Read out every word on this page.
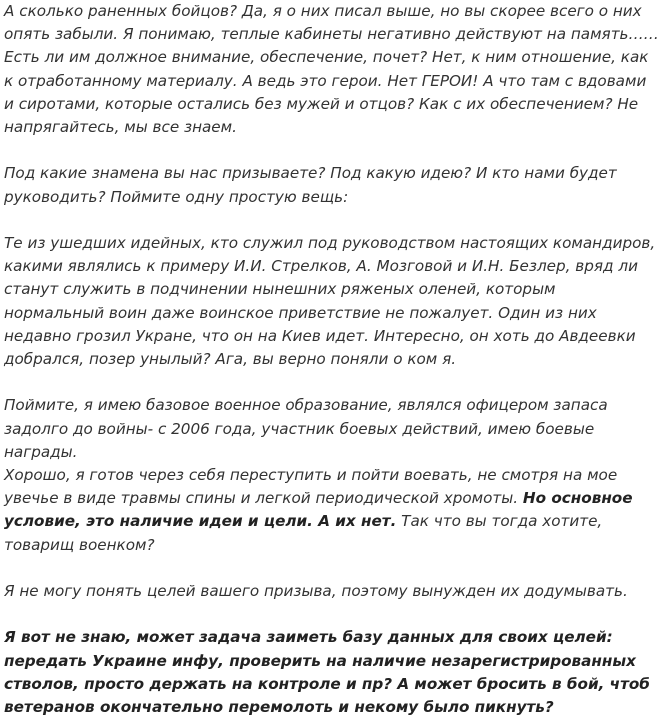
А сколько раненных бойцов? Да, я о них писал выше, но вы скорее всего о них
опять забыли. Я понимаю, теплые кабинеты негативно действуют на память……
Есть ли им должное внимание, обеспечение, почет? Нет, к ним отношение, как
к отработанному материалу. А ведь это герои. Нет ГЕРОИ! А что там с вдовами
и сиротами, которые остались без мужей и отцов? Как с их обеспечением? Не
напрягайтесь, мы все знаем.

Под какие знамена вы нас призываете? Под какую идею? И кто нами будет
руководить? Поймите одну простую вещь:

Те из ушедших идейных, кто служил под руководством настоящих командиров,
какими являлись к примеру И.И. Стрелков, А. Мозговой и И.Н. Безлер, вряд ли
станут служить в подчинении нынешних ряженых оленей, которым
нормальный воин даже воинское приветствие не пожалует. Один из них
недавно грозил Укране, что он на Киев идет. Интересно, он хоть до Авдеевки
добрался, позер унылый? Ага, вы верно поняли о ком я.

Поймите, я имею базовое военное образование, являлся офицером запаса
задолго до войны- с 2006 года, участник боевых действий, имею боевые
награды.

Хорошо, я готов через себя переступить и пойти воевать, не смотря на мое
увечье в виде травмы спины и легкой периодической хромоты. Но основное
условие, это наличие идеи и цели. А их нет. Так что вы тогда хотите,
товарищ военком?

Я не могу понять целей вашего призыва, поэтому вынужден их додумывать.

Я вот не знаю, может задача заиметь базу данных для своих целей:
передать Украине инфу, проверить на наличие незарегистрированных
стволов, просто держать на контроле и пр? А может бросить в бой, чтоб
ветеранов окончательно перемолоть и некому было пикнуть?
